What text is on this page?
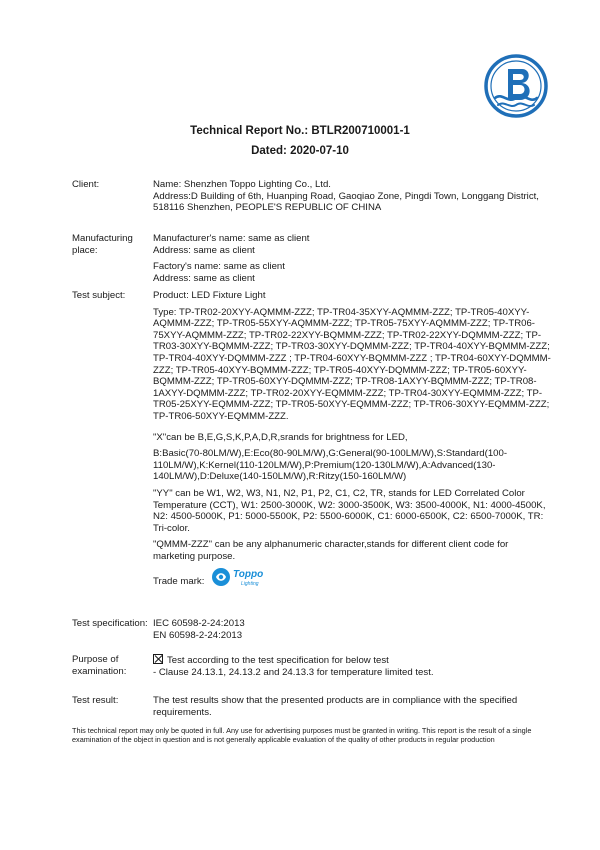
Technical Report No.: BTLR200710001-1
Dated: 2020-07-10
Client:	Name: Shenzhen Toppo Lighting Co., Ltd.

Address:D Building of 6th, Huanping Road, Gaoqiao Zone, Pingdi Town, Longgang District, 518116 Shenzhen, PEOPLE'S REPUBLIC OF CHINA

Manufacturing place:

Manufacturer's name: same as client

Address: same as client

Factory's name: same as client

Address: same as client

Test subject:	Product: LED Fixture Light

Type: TP-TR02-20XYY-AQMMM-ZZZ; TP-TR04-35XYY-AQMMM-ZZZ; TP-TR05-40XYY-AQMMM-ZZZ; TP-TR05-55XYY-AQMMM-ZZZ; TP-TR05-75XYY-AQMMM-ZZZ; TP-TR06-75XYY-AQMMM-ZZZ; TP-TR02-22XYY-BQMMM-ZZZ; TP-TR02-22XYY-DQMMM-ZZZ; TP-TR03-30XYY-BQMMM-ZZZ; TP-TR03-30XYY-DQMMM-ZZZ; TP-TR04-40XYY-BQMMM-ZZZ; TP-TR04-40XYY-DQMMM-ZZZ ; TP-TR04-60XYY-BQMMM-ZZZ ; TP-TR04-60XYY-DQMMM-ZZZ; TP-TR05-40XYY-BQMMM-ZZZ; TP-TR05-40XYY-DQMMM-ZZZ; TP-TR05-60XYY-BQMMM-ZZZ; TP-TR05-60XYY-DQMMM-ZZZ; TP-TR08-1AXYY-BQMMM-ZZZ; TP-TR08-1AXYY-DQMMM-ZZZ; TP-TR02-20XYY-EQMMM-ZZZ; TP-TR04-30XYY-EQMMM-ZZZ; TP-TR05-25XYY-EQMMM-ZZZ; TP-TR05-50XYY-EQMMM-ZZZ; TP-TR06-30XYY-EQMMM-ZZZ; TP-TR06-50XYY-EQMMM-ZZZ.

"X"can be B,E,G,S,K,P,A,D,R,srands for brightness for LED,

B:Basic(70-80LM/W),E:Eco(80-90LM/W),G:General(90-100LM/W),S:Standard(100-110LM/W),K:Kernel(110-120LM/W),P:Premium(120-130LM/W),A:Advanced(130-140LM/W),D:Deluxe(140-150LM/W),R:Ritzy(150-160LM/W)

"YY" can be W1, W2, W3, N1, N2, P1, P2, C1, C2, TR, stands for LED Correlated Color Temperature (CCT), W1: 2500-3000K, W2: 3000-3500K, W3: 3500-4000K, N1: 4000-4500K, N2: 4500-5000K, P1: 5000-5500K, P2: 5500-6000K, C1: 6000-6500K, C2: 6500-7000K, TR: Tri-color.

"QMMM-ZZZ" can be any alphanumeric character,stands for different client code for marketing purpose.

Trade mark:
Toppo
Lighting
Test specification: IEC 60598-2-24:2013

EN 60598-2-24:2013

Purpose of examination:

Test according to the test specification for below test

- Clause 24.13.1, 24.13.2 and 24.13.3 for temperature limited test.

Test result:	The test results show that the presented products are in compliance with the specified requirements.

This technical report may only be quoted in full. Any use for advertising purposes must be granted in writing. This report is the result of a single examination of the object in question and is not generally applicable evaluation of the quality of other products in regular production
